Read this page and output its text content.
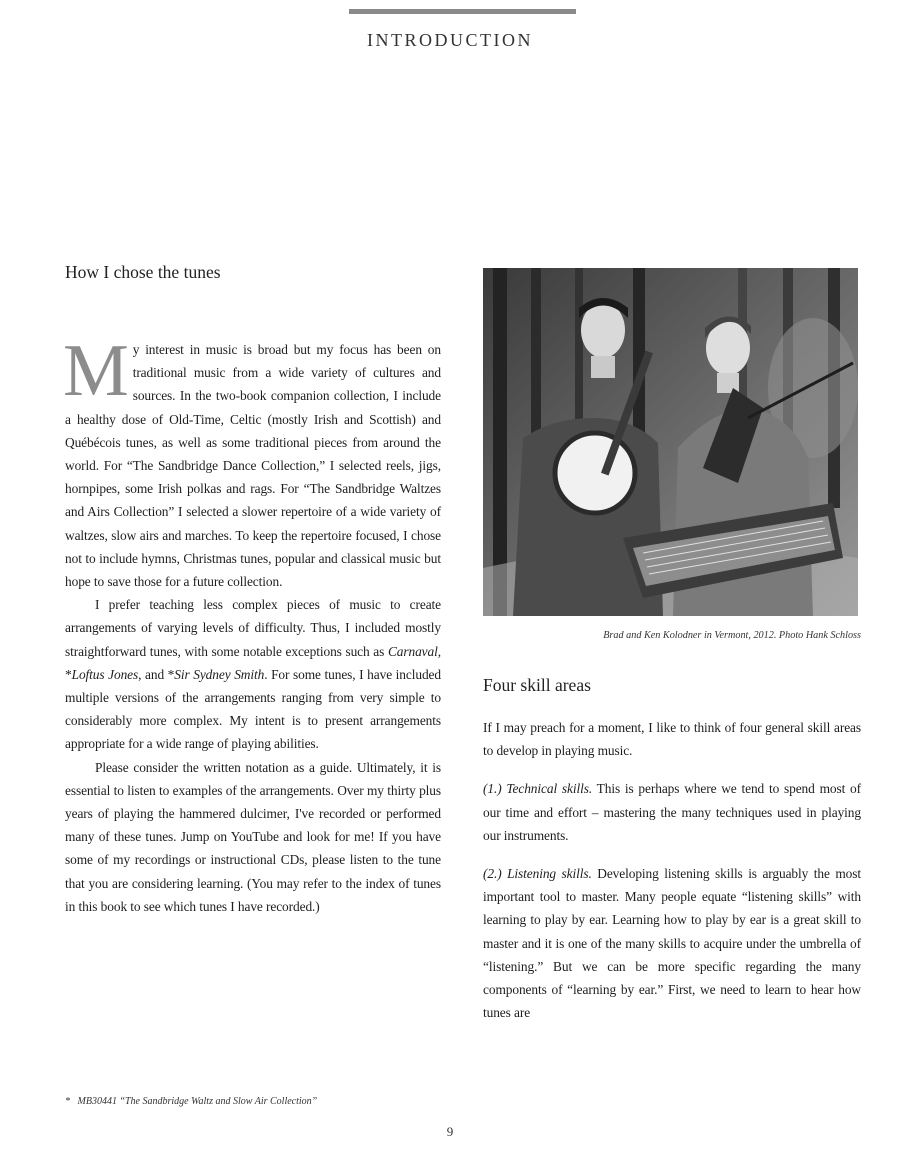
INTRODUCTION
How I chose the tunes

My interest in music is broad but my focus has been on traditional music from a wide variety of cultures and sources. In the two-book companion collection, I include a healthy dose of Old-Time, Celtic (mostly Irish and Scottish) and Québécois tunes, as well as some traditional pieces from around the world. For “The Sandbridge Dance Collection,” I selected reels, jigs, hornpipes, some Irish polkas and rags. For “The Sandbridge Waltzes and Airs Collection” I selected a slower repertoire of a wide variety of waltzes, slow airs and marches. To keep the repertoire focused, I chose not to include hymns, Christmas tunes, popular and classical music but hope to save those for a future collection.

I prefer teaching less complex pieces of music to create arrangements of varying levels of difficulty. Thus, I included mostly straightforward tunes, with some notable exceptions such as Carnaval, *Loftus Jones, and *Sir Sydney Smith. For some tunes, I have included multiple versions of the arrangements ranging from very simple to considerably more complex. My intent is to present arrangements appropriate for a wide range of playing abilities.

Please consider the written notation as a guide. Ultimately, it is essential to listen to examples of the arrangements. Over my thirty plus years of playing the hammered dulcimer, I've recorded or performed many of these tunes. Jump on YouTube and look for me! If you have some of my recordings or instructional CDs, please listen to the tune that you are considering learning. (You may refer to the index of tunes in this book to see which tunes I have recorded.)

Brad and Ken Kolodner in Vermont, 2012. Photo Hank Schloss

Four skill areas

If I may preach for a moment, I like to think of four general skill areas to develop in playing music.

(1.) Technical skills. This is perhaps where we tend to spend most of our time and effort – mastering the many techniques used in playing our instruments.

(2.) Listening skills. Developing listening skills is arguably the most important tool to master. Many people equate “listening skills” with learning to play by ear. Learning how to play by ear is a great skill to master and it is one of the many skills to acquire under the umbrella of “listening.” But we can be more specific regarding the many components of “learning by ear.” First, we need to learn to hear how tunes are

* MB30441 “The Sandbridge Waltz and Slow Air Collection”
9
